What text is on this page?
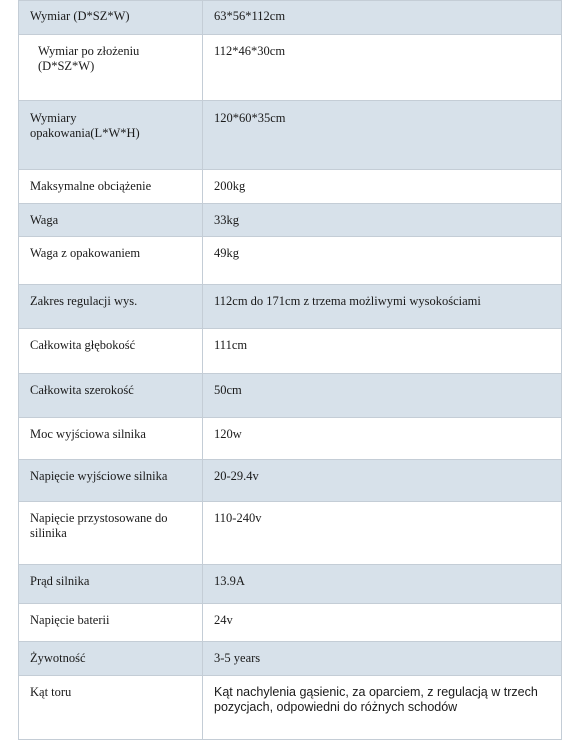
Wymiar (D*SZ*W)	63*56*112cm
Wymiar po złożeniu (D*SZ*W)	112*46*30cm
Wymiary opakowania(L*W*H)	120*60*35cm
Maksymalne obciążenie	200kg
Waga	33kg
Waga z opakowaniem	49kg
Zakres regulacji wys.	112cm do 171cm z trzema możliwymi wysokościami
Całkowita głębokość	111cm
Całkowita szerokość	50cm
Moc wyjściowa silnika	120w
Napięcie wyjściowe silnika	20-29.4v
Napięcie przystosowane do silinika	110-240v
Prąd silnika	13.9A
Napięcie baterii	24v
Żywotność	3-5 years
Kąt toru	Kąt nachylenia gąsienic, za oparciem, z regulacją w trzech pozycjach, odpowiedni do różnych schodów
